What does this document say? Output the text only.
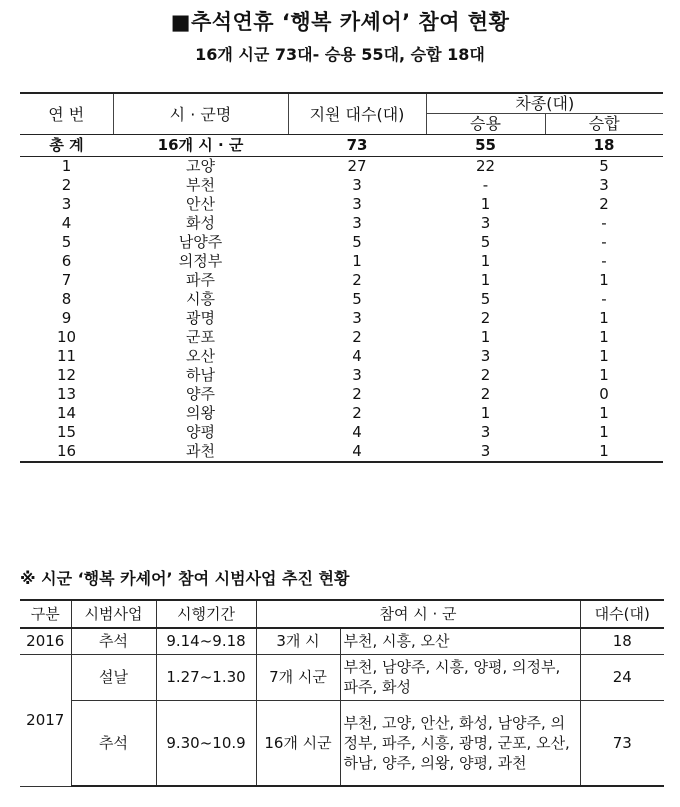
■추석연휴 ‘행복 카셰어’ 참여 현황
16개 시군 73대- 승용 55대, 승합 18대
연 번	시 · 군명	지원 대수(대)	차종(대)	
			승용	승합
총 계	16개 시 · 군	73	55	18
1	고양	27	22	5
2	부천	3	-	3
3	안산	3	1	2
4	화성	3	3	-
5	남양주	5	5	-
6	의정부	1	1	-
7	파주	2	1	1
8	시흥	5	5	-
9	광명	3	2	1
10	군포	2	1	1
11	오산	4	3	1
12	하남	3	2	1
13	양주	2	2	0
14	의왕	2	1	1
15	양평	4	3	1
16	과천	4	3	1
※ 시군 ‘행복 카셰어’ 참여 시범사업 추진 현황
구분	시범사업	시행기간	참여 시 · 군		대수(대)
2016	추석	9.14~9.18	3개 시	부천, 시흥, 오산	18
2017	설날	1.27~1.30	7개 시군	부천, 남양주, 시흥, 양평, 의정부, 파주, 화성	24
	추석	9.30~10.9	16개 시군	부천, 고양, 안산, 화성, 남양주, 의정부, 파주, 시흥, 광명, 군포, 오산, 하남, 양주, 의왕, 양평, 과천	73
